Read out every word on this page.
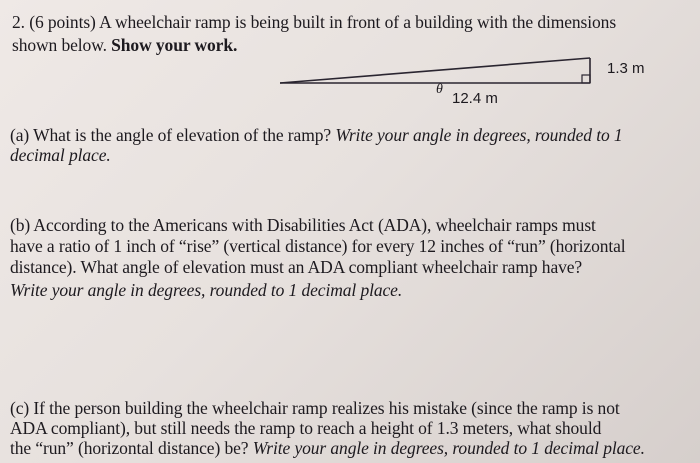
2. (6 points) A wheelchair ramp is being built in front of a building with the dimensions
shown below. Show your work.
1.3 m
θ
12.4 m
(a) What is the angle of elevation of the ramp? Write your angle in degrees, rounded to 1
decimal place.
(b) According to the Americans with Disabilities Act (ADA), wheelchair ramps must
have a ratio of 1 inch of “rise” (vertical distance) for every 12 inches of “run” (horizontal
distance). What angle of elevation must an ADA compliant wheelchair ramp have?
Write your angle in degrees, rounded to 1 decimal place.
(c) If the person building the wheelchair ramp realizes his mistake (since the ramp is not
ADA compliant), but still needs the ramp to reach a height of 1.3 meters, what should
the “run” (horizontal distance) be? Write your angle in degrees, rounded to 1 decimal place.
